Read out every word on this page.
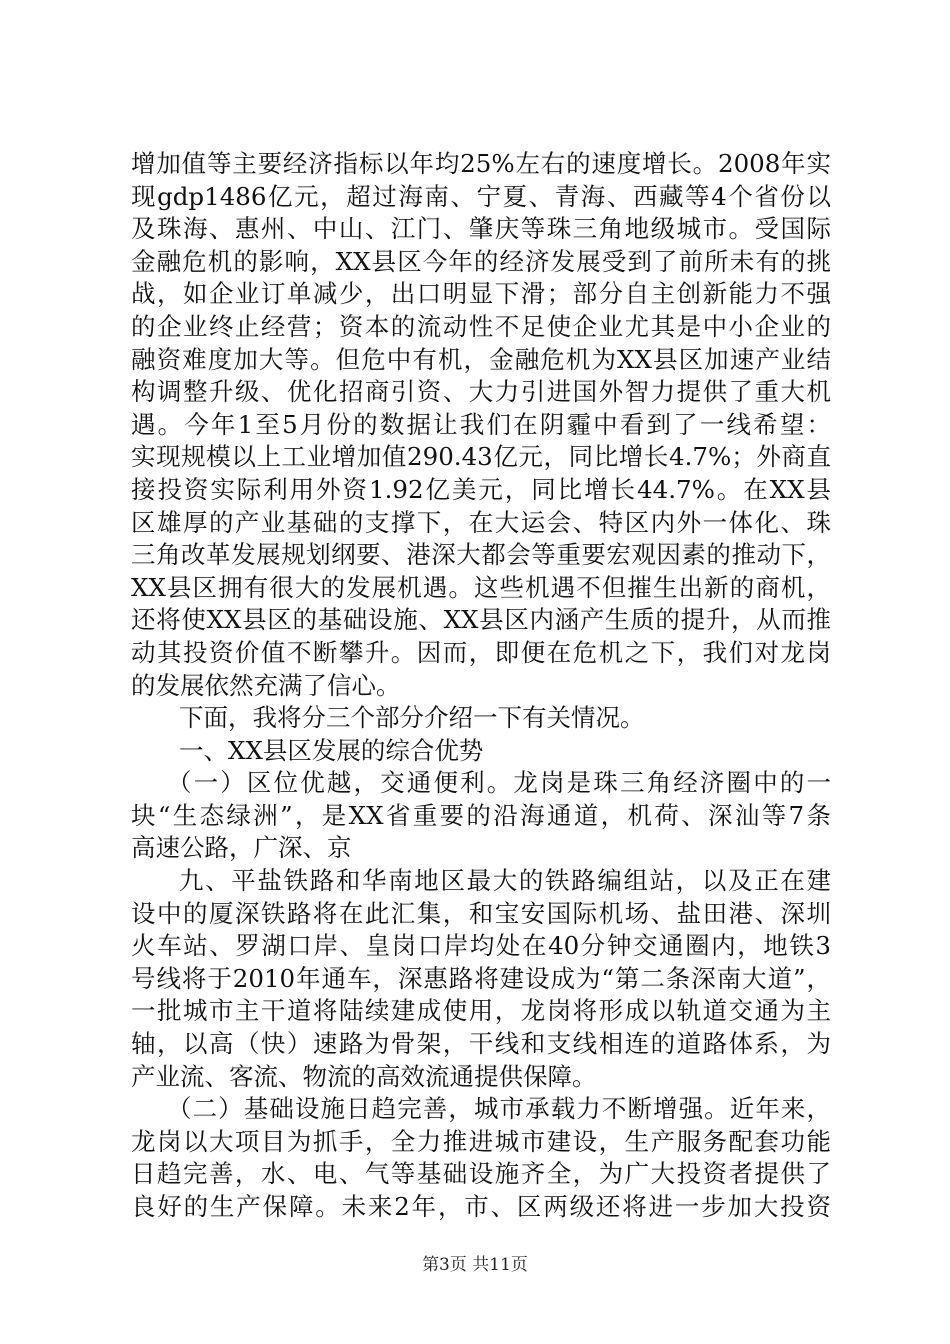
增加值等主要经济指标以年均25%左右的速度增长。2008年实
现gdp1486亿元，超过海南、宁夏、青海、西藏等4个省份以
及珠海、惠州、中山、江门、肇庆等珠三角地级城市。受国际
金融危机的影响，XX县区今年的经济发展受到了前所未有的挑
战，如企业订单减少，出口明显下滑；部分自主创新能力不强
的企业终止经营；资本的流动性不足使企业尤其是中小企业的
融资难度加大等。但危中有机，金融危机为XX县区加速产业结
构调整升级、优化招商引资、大力引进国外智力提供了重大机
遇。今年1至5月份的数据让我们在阴霾中看到了一线希望：
实现规模以上工业增加值290.43亿元，同比增长4.7%；外商直
接投资实际利用外资1.92亿美元，同比增长44.7%。在XX县
区雄厚的产业基础的支撑下，在大运会、特区内外一体化、珠
三角改革发展规划纲要、港深大都会等重要宏观因素的推动下，
XX县区拥有很大的发展机遇。这些机遇不但摧生出新的商机，
还将使XX县区的基础设施、XX县区内涵产生质的提升，从而推
动其投资价值不断攀升。因而，即便在危机之下，我们对龙岗
的发展依然充满了信心。
下面，我将分三个部分介绍一下有关情况。
一、XX县区发展的综合优势
（一）区位优越，交通便利。龙岗是珠三角经济圈中的一
块“生态绿洲”，是XX省重要的沿海通道，机荷、深汕等7条
高速公路，广深、京
九、平盐铁路和华南地区最大的铁路编组站，以及正在建
设中的厦深铁路将在此汇集，和宝安国际机场、盐田港、深圳
火车站、罗湖口岸、皇岗口岸均处在40分钟交通圈内，地铁3
号线将于2010年通车，深惠路将建设成为“第二条深南大道”，
一批城市主干道将陆续建成使用，龙岗将形成以轨道交通为主
轴，以高（快）速路为骨架，干线和支线相连的道路体系，为
产业流、客流、物流的高效流通提供保障。
（二）基础设施日趋完善，城市承载力不断增强。近年来，
龙岗以大项目为抓手，全力推进城市建设，生产服务配套功能
日趋完善，水、电、气等基础设施齐全，为广大投资者提供了
良好的生产保障。未来2年，市、区两级还将进一步加大投资
第3页 共11页
